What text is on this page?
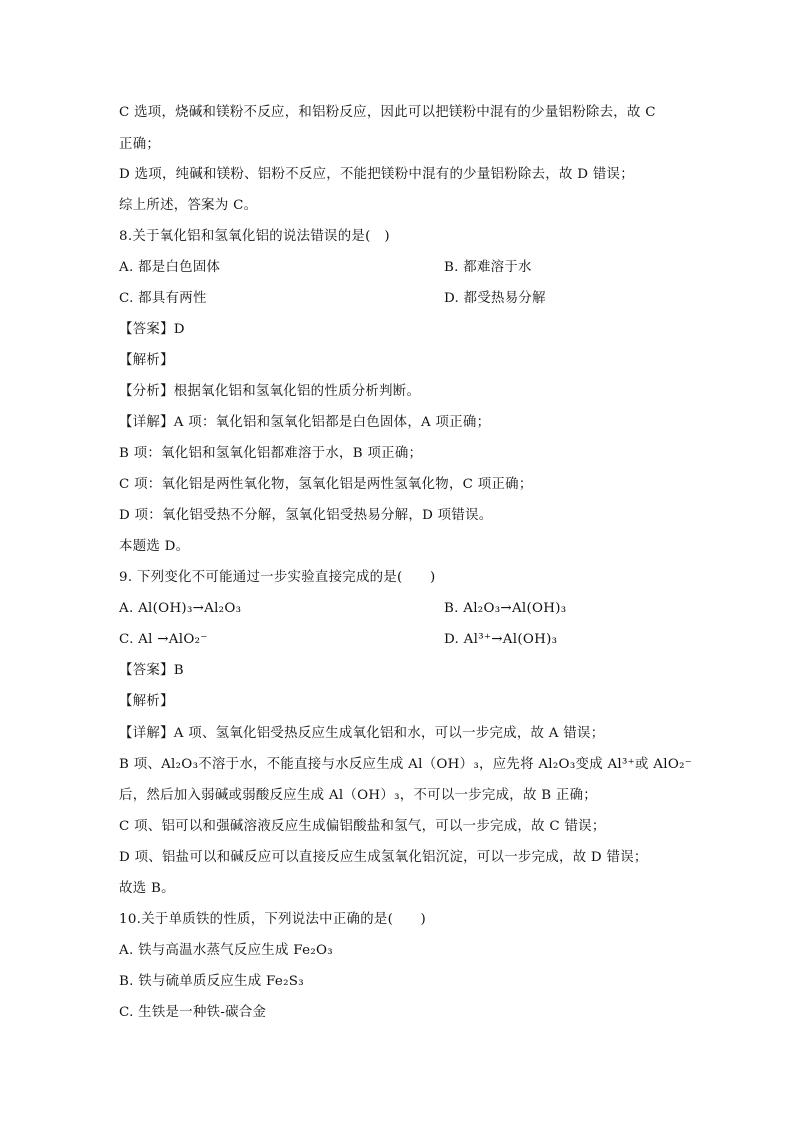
C 选项，烧碱和镁粉不反应，和铝粉反应，因此可以把镁粉中混有的少量铝粉除去，故 C
正确；
D 选项，纯碱和镁粉、铝粉不反应，不能把镁粉中混有的少量铝粉除去，故 D 错误；
综上所述，答案为 C。
8.关于氧化铝和氢氧化铝的说法错误的是(　)
A. 都是白色固体	B. 都难溶于水
C. 都具有两性	D. 都受热易分解
【答案】D
【解析】
【分析】根据氧化铝和氢氧化铝的性质分析判断。
【详解】A 项：氧化铝和氢氧化铝都是白色固体，A 项正确；
B 项：氧化铝和氢氧化铝都难溶于水，B 项正确；
C 项：氧化铝是两性氧化物，氢氧化铝是两性氢氧化物，C 项正确；
D 项：氧化铝受热不分解，氢氧化铝受热易分解，D 项错误。
本题选 D。
9. 下列变化不可能通过一步实验直接完成的是(　　)
A. Al(OH)₃→Al₂O₃	B. Al₂O₃→Al(OH)₃
C. Al →AlO₂⁻	D. Al³⁺→Al(OH)₃
【答案】B
【解析】
【详解】A 项、氢氧化铝受热反应生成氧化铝和水，可以一步完成，故 A 错误；
B 项、Al₂O₃不溶于水，不能直接与水反应生成 Al（OH）₃，应先将 Al₂O₃变成 Al³⁺或 AlO₂⁻
后，然后加入弱碱或弱酸反应生成 Al（OH）₃，不可以一步完成，故 B 正确；
C 项、铝可以和强碱溶液反应生成偏铝酸盐和氢气，可以一步完成，故 C 错误；
D 项、铝盐可以和碱反应可以直接反应生成氢氧化铝沉淀，可以一步完成，故 D 错误；
故选 B。
10.关于单质铁的性质，下列说法中正确的是(　　)
A. 铁与高温水蒸气反应生成 Fe₂O₃
B. 铁与硫单质反应生成 Fe₂S₃
C. 生铁是一种铁-碳合金
